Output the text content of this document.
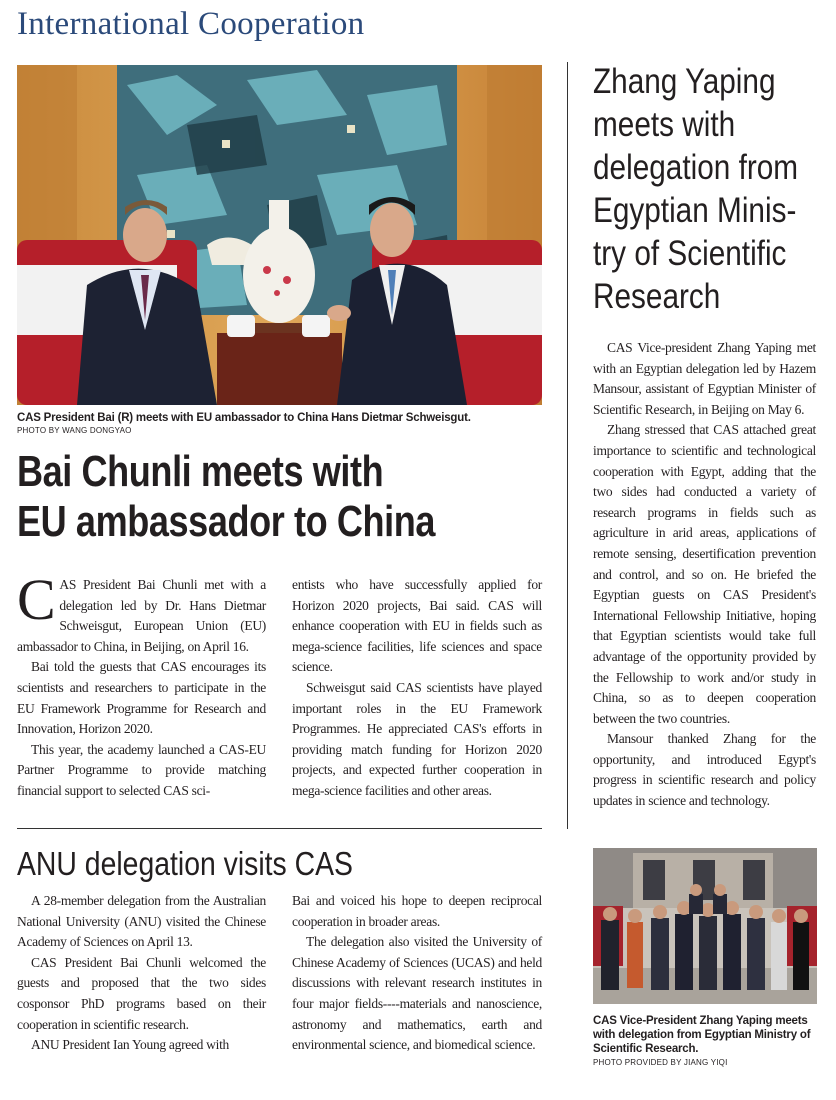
International Cooperation
CAS President Bai (R) meets with EU ambassador to China Hans Dietmar Schweisgut.
PHOTO BY WANG DONGYAO
Bai Chunli meets with
EU ambassador to China

CAS President Bai Chunli met with a delegation led by Dr. Hans Dietmar Schweisgut, European Union (EU) ambassador to China, in Beijing, on April 16.

Bai told the guests that CAS encourages its scientists and researchers to participate in the EU Framework Programme for Research and Innovation, Horizon 2020.

This year, the academy launched a CAS-EU Partner Programme to provide matching financial support to selected CAS sci-

entists who have successfully applied for Horizon 2020 projects, Bai said. CAS will enhance cooperation with EU in fields such as mega-science facilities, life sciences and space science.

Schweisgut said CAS scientists have played important roles in the EU Framework Programmes. He appreciated CAS's efforts in providing match funding for Horizon 2020 projects, and expected further cooperation in mega-science facilities and other areas.

ANU delegation visits CAS

A 28-member delegation from the Australian National University (ANU) visited the Chinese Academy of Sciences on April 13.

CAS President Bai Chunli welcomed the guests and proposed that the two sides cosponsor PhD programs based on their cooperation in scientific research.

ANU President Ian Young agreed with

Bai and voiced his hope to deepen reciprocal cooperation in broader areas.

The delegation also visited the University of Chinese Academy of Sciences (UCAS) and held discussions with relevant research institutes in four major fields----materials and nanoscience, astronomy and mathematics, earth and environmental science, and biomedical science.

Zhang Yaping
meets with
delegation from
Egyptian Minis-
try of Scientific
Research

CAS Vice-president Zhang Yaping met with an Egyptian delegation led by Hazem Mansour, assistant of Egyptian Minister of Scientific Research, in Beijing on May 6.

Zhang stressed that CAS attached great importance to scientific and technological cooperation with Egypt, adding that the two sides had conducted a variety of research programs in fields such as agriculture in arid areas, applications of remote sensing, desertification prevention and control, and so on. He briefed the Egyptian guests on CAS President's International Fellowship Initiative, hoping that Egyptian scientists would take full advantage of the opportunity provided by the Fellowship to work and/or study in China, so as to deepen cooperation between the two countries.

Mansour thanked Zhang for the opportunity, and introduced Egypt's progress in scientific research and policy updates in science and technology.

CAS Vice-President Zhang Yaping meets with delegation from Egyptian Ministry of Scientific Research.
PHOTO PROVIDED BY JIANG YIQI
